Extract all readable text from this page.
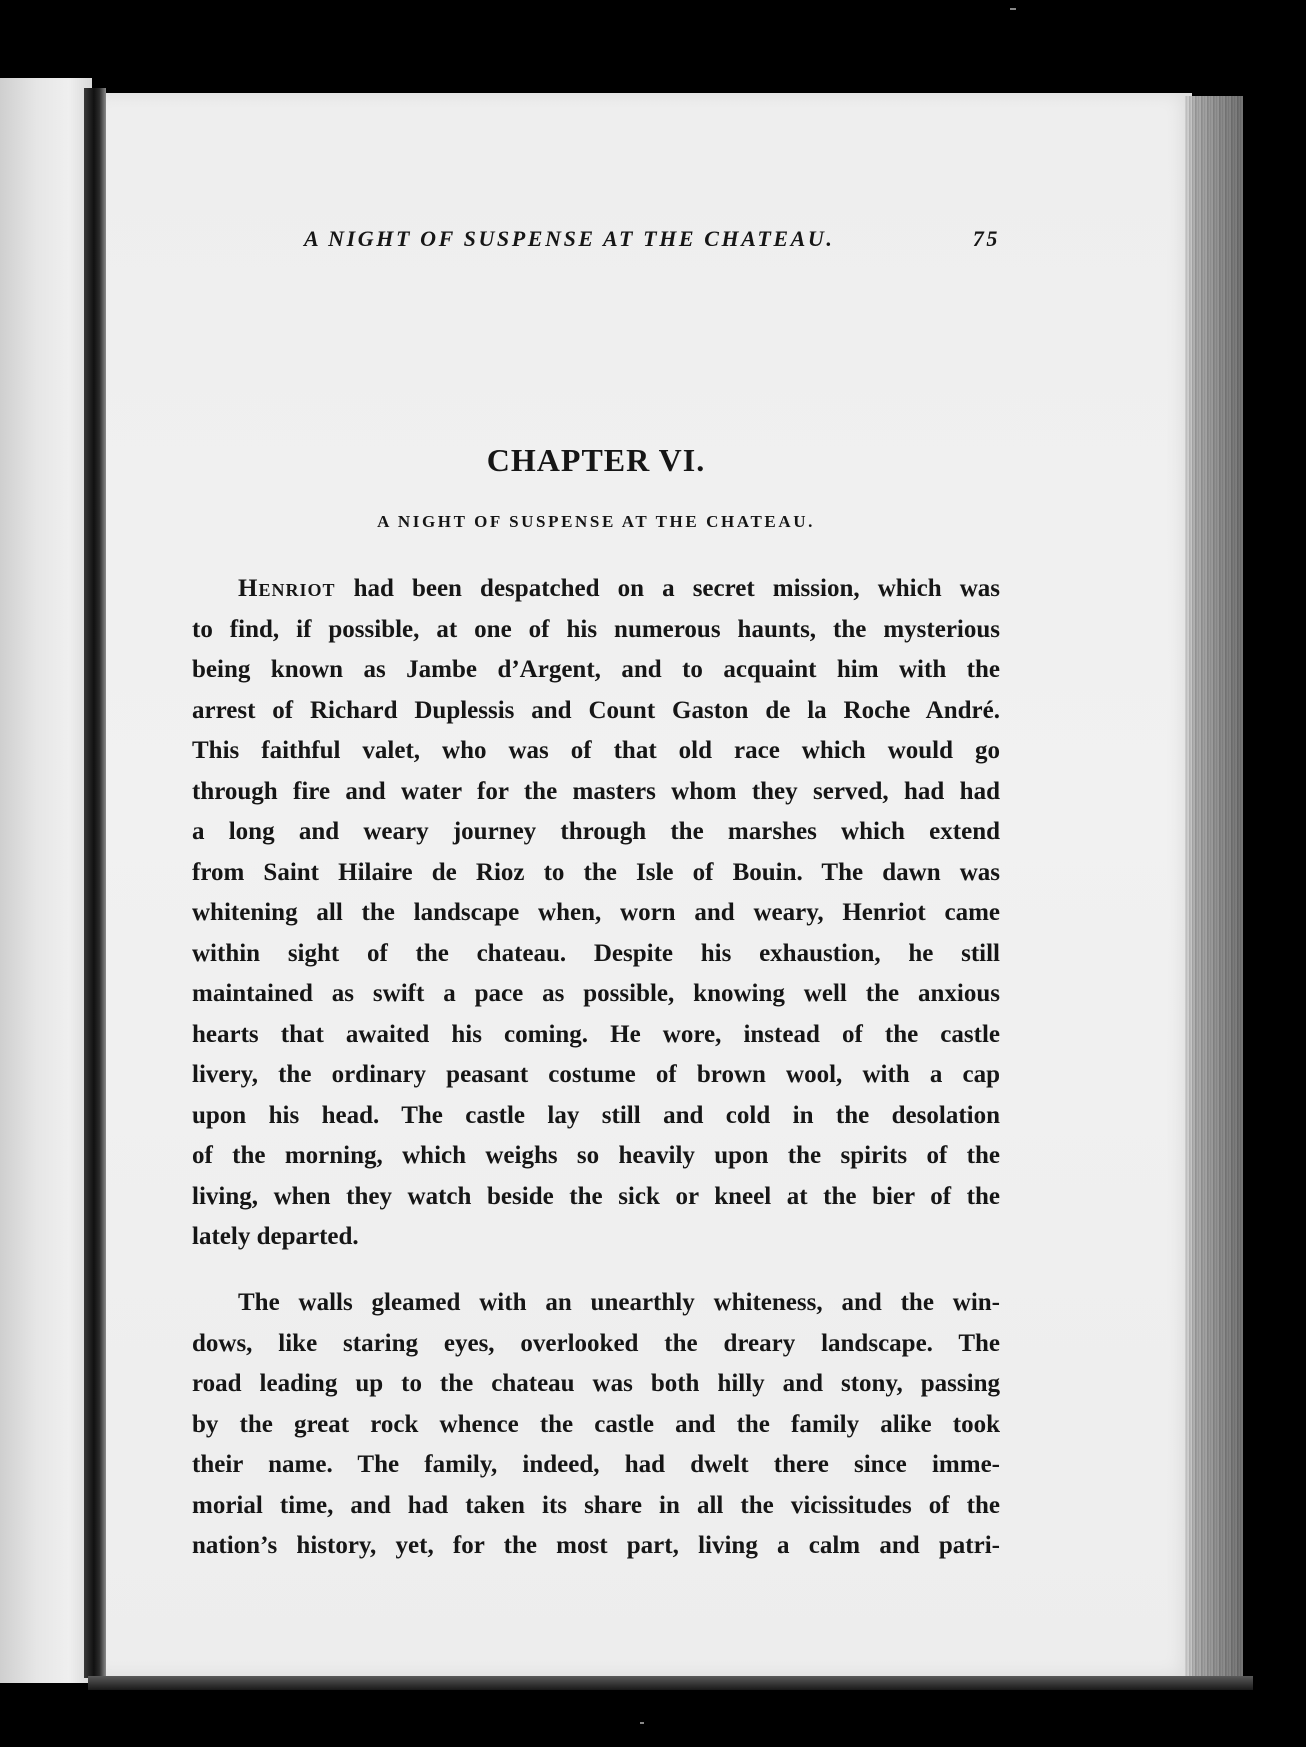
A NIGHT OF SUSPENSE AT THE CHATEAU.	75
CHAPTER VI.
A NIGHT OF SUSPENSE AT THE CHATEAU.
Henriot had been despatched on a secret mission, which was
to find, if possible, at one of his numerous haunts, the mysterious
being known as Jambe d’Argent, and to acquaint him with the
arrest of Richard Duplessis and Count Gaston de la Roche André.
This faithful valet, who was of that old race which would go
through fire and water for the masters whom they served, had had
a long and weary journey through the marshes which extend
from Saint Hilaire de Rioz to the Isle of Bouin. The dawn was
whitening all the landscape when, worn and weary, Henriot came
within sight of the chateau. Despite his exhaustion, he still
maintained as swift a pace as possible, knowing well the anxious
hearts that awaited his coming. He wore, instead of the castle
livery, the ordinary peasant costume of brown wool, with a cap
upon his head. The castle lay still and cold in the desolation
of the morning, which weighs so heavily upon the spirits of the
living, when they watch beside the sick or kneel at the bier of the
lately departed.
The walls gleamed with an unearthly whiteness, and the win-
dows, like staring eyes, overlooked the dreary landscape. The
road leading up to the chateau was both hilly and stony, passing
by the great rock whence the castle and the family alike took
their name. The family, indeed, had dwelt there since imme-
morial time, and had taken its share in all the vicissitudes of the
nation’s history, yet, for the most part, living a calm and patri-
